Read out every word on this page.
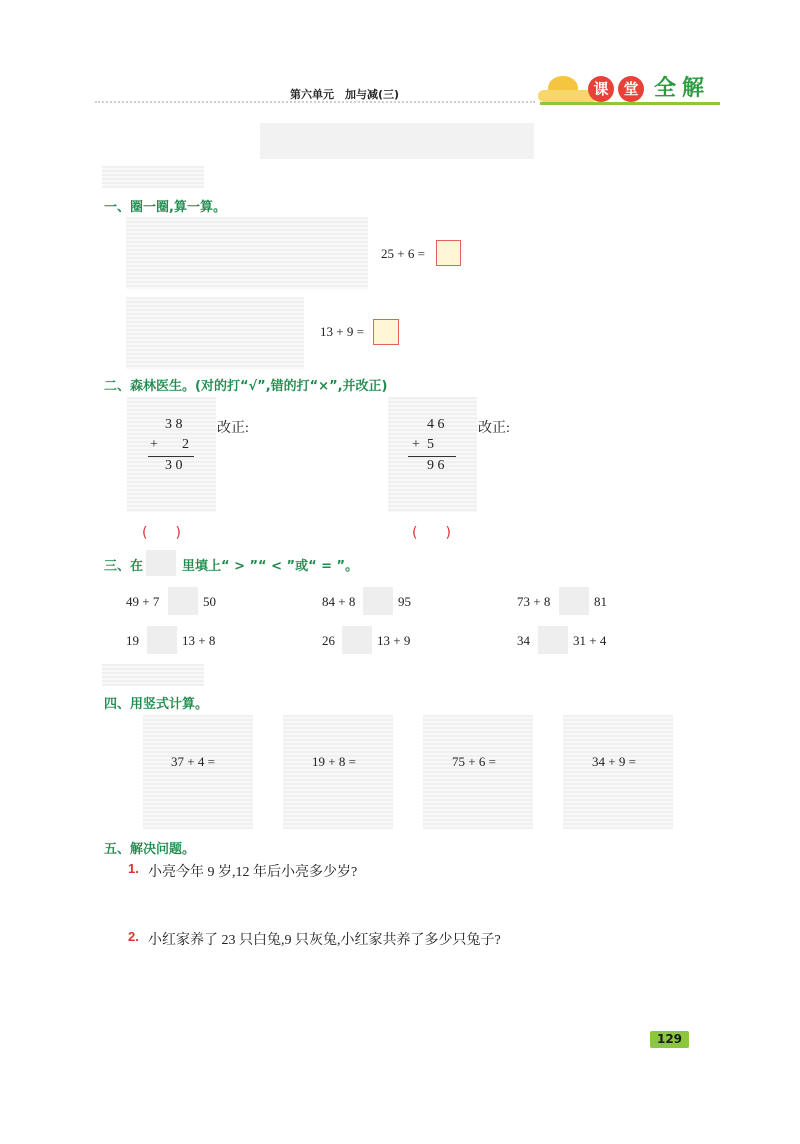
第六单元　加与减(三)	课 堂 全 解
一、圈一圈,算一算。
25 + 6 =
13 + 9 =
二、森林医生。(对的打“√”,错的打“×”,并改正)
3 8
+ 2
3 0
改正:
(　　)
4 6
+ 5
9 6
改正:
(　　)
三、在	里填上“ > ”“ < ”或“ = ”。
49 + 7	50	84 + 8	95	73 + 8	81
19	13 + 8	26	13 + 9	34	31 + 4
四、用竖式计算。
37 + 4 =	19 + 8 =	75 + 6 =	34 + 9 =
五、解决问题。
1. 小亮今年 9 岁,12 年后小亮多少岁?
2. 小红家养了 23 只白兔,9 只灰兔,小红家共养了多少只兔子?
129
